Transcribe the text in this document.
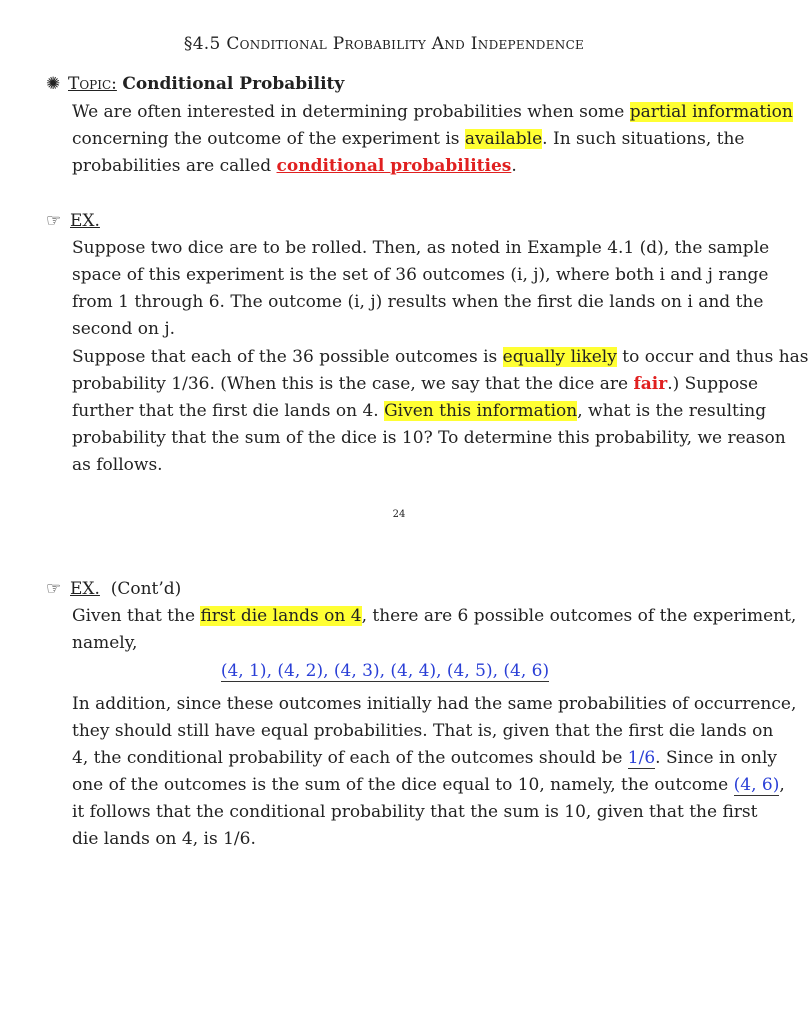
§4.5 Conditional Probability And Independence
✺ Topic: Conditional Probability
We are often interested in determining probabilities when some partial information
concerning the outcome of the experiment is available. In such situations, the
probabilities are called conditional probabilities.
☞ EX.
Suppose two dice are to be rolled. Then, as noted in Example 4.1 (d), the sample
space of this experiment is the set of 36 outcomes (i, j), where both i and j range
from 1 through 6. The outcome (i, j) results when the first die lands on i and the
second on j.
Suppose that each of the 36 possible outcomes is equally likely to occur and thus has
probability 1/36. (When this is the case, we say that the dice are fair.) Suppose
further that the first die lands on 4. Given this information, what is the resulting
probability that the sum of the dice is 10? To determine this probability, we reason
as follows.
24
☞ EX. (Cont’d)
Given that the first die lands on 4, there are 6 possible outcomes of the experiment,
namely,
(4, 1), (4, 2), (4, 3), (4, 4), (4, 5), (4, 6)
In addition, since these outcomes initially had the same probabilities of occurrence,
they should still have equal probabilities. That is, given that the first die lands on
4, the conditional probability of each of the outcomes should be 1/6. Since in only
one of the outcomes is the sum of the dice equal to 10, namely, the outcome (4, 6),
it follows that the conditional probability that the sum is 10, given that the first
die lands on 4, is 1/6.
